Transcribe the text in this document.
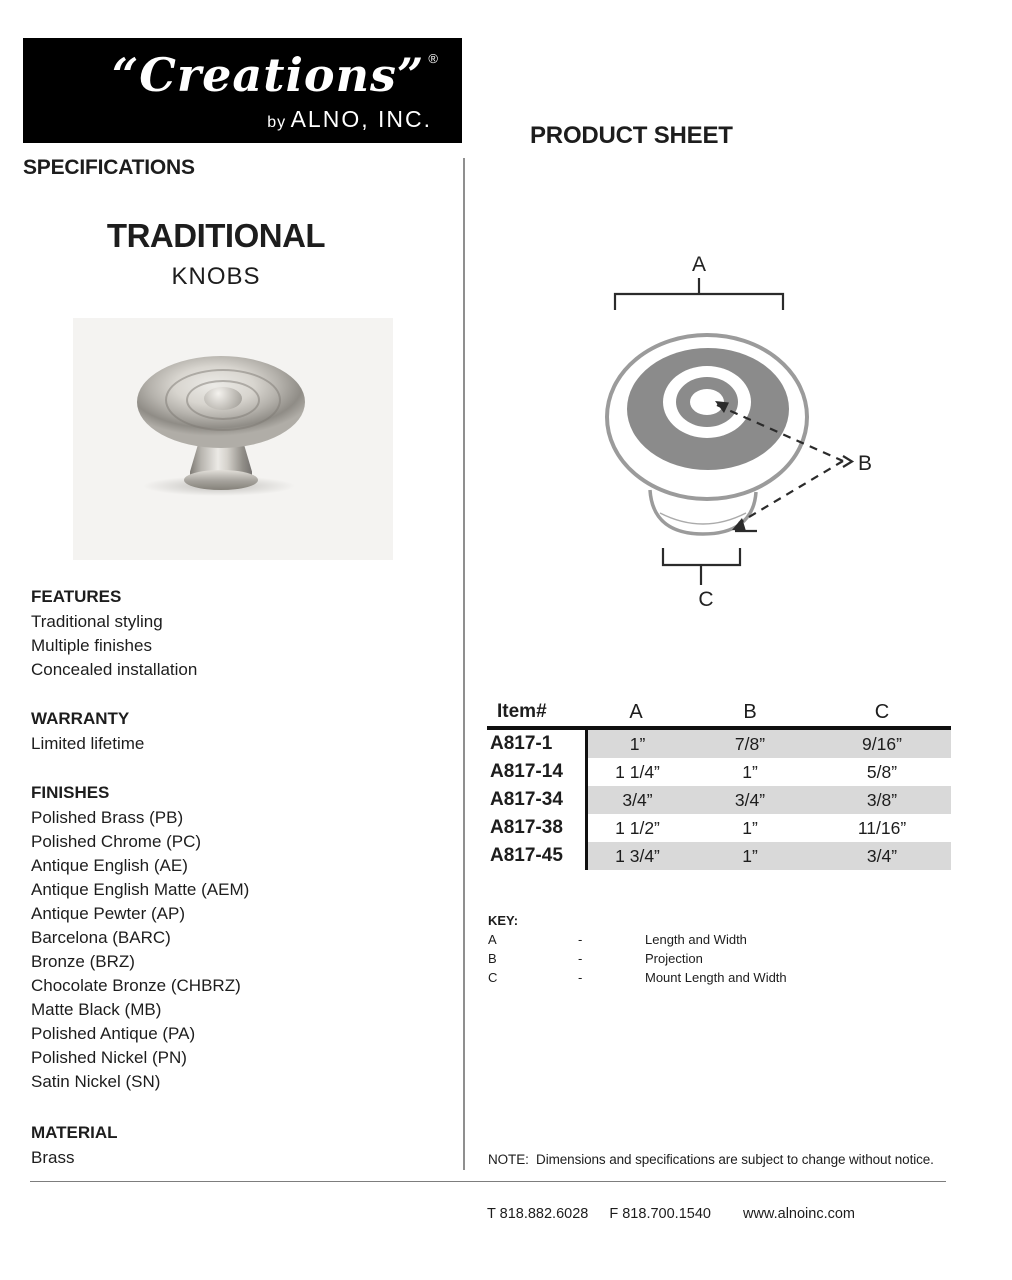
“Creations” ®
by ALNO, INC.
SPECIFICATIONS
PRODUCT SHEET
TRADITIONAL
KNOBS
FEATURES
Traditional styling
Multiple finishes
Concealed installation
WARRANTY
Limited lifetime
FINISHES
Polished Brass (PB)
Polished Chrome (PC)
Antique English (AE)
Antique English Matte (AEM)
Antique Pewter (AP)
Barcelona (BARC)
Bronze (BRZ)
Chocolate Bronze (CHBRZ)
Matte Black (MB)
Polished Antique (PA)
Polished Nickel (PN)
Satin Nickel (SN)
MATERIAL
Brass
A
C
B
Item#	A	B	C
A817-1	1”	7/8”	9/16”
A817-14	1 1/4”	1”	5/8”
A817-34	3/4”	3/4”	3/8”
A817-38	1 1/2”	1”	11/16”
A817-45	1 3/4”	1”	3/4”
KEY:
A	-	Length and Width
B	-	Projection
C	-	Mount Length and Width
NOTE:  Dimensions and specifications are subject to change without notice.
T 818.882.6028 F 818.700.1540 www.alnoinc.com
